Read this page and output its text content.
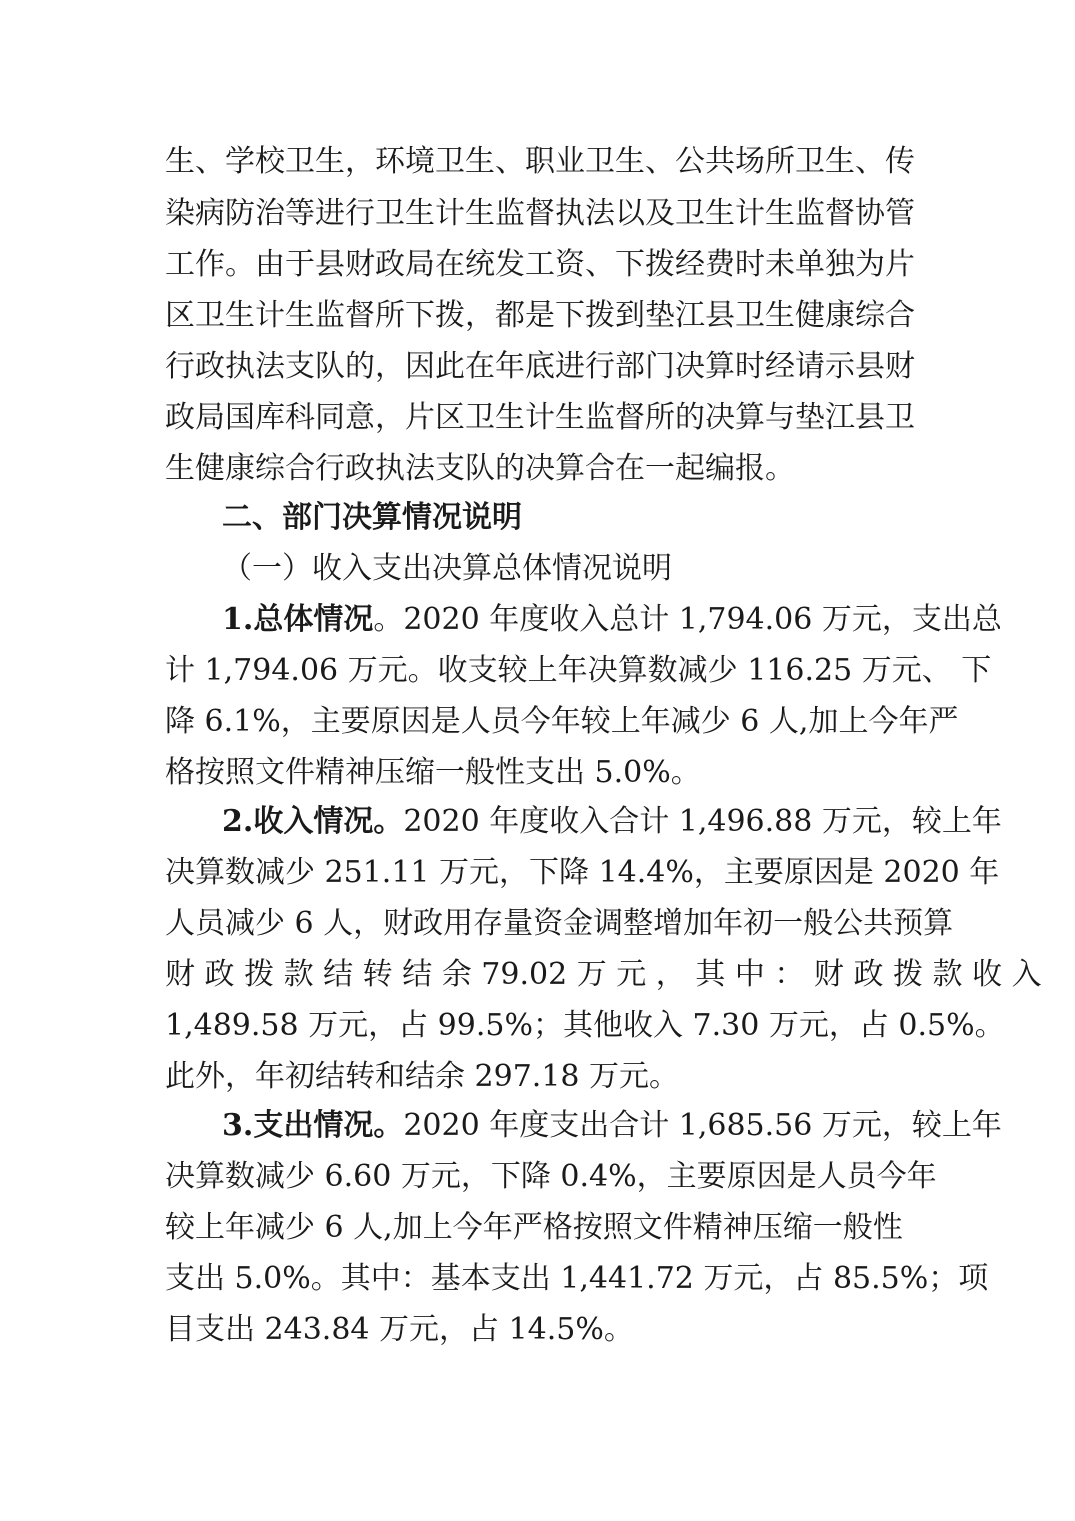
生、学校卫生，环境卫生、职业卫生、公共场所卫生、传
染病防治等进行卫生计生监督执法以及卫生计生监督协管
工作。由于县财政局在统发工资、下拨经费时未单独为片
区卫生计生监督所下拨，都是下拨到垫江县卫生健康综合
行政执法支队的，因此在年底进行部门决算时经请示县财
政局国库科同意，片区卫生计生监督所的决算与垫江县卫
生健康综合行政执法支队的决算合在一起编报。
二、部门决算情况说明
（一）收入支出决算总体情况说明
1.总体情况。2020 年度收入总计 1,794.06 万元，支出总
计 1,794.06 万元。收支较上年决算数减少 116.25 万元、 下
降 6.1%，主要原因是人员今年较上年减少 6 人,加上今年严
格按照文件精神压缩一般性支出 5.0%。
2.收入情况。2020 年度收入合计 1,496.88 万元，较上年
决算数减少 251.11 万元，下降 14.4%，主要原因是 2020 年
人员减少 6 人，财政用存量资金调整增加年初一般公共预算
财 政 拨 款 结 转 结 余 79.02 万 元 ， 其 中 ： 财 政 拨 款 收 入
1,489.58 万元，占 99.5%；其他收入 7.30 万元，占 0.5%。
此外，年初结转和结余 297.18 万元。
3.支出情况。2020 年度支出合计 1,685.56 万元，较上年
决算数减少 6.60 万元，下降 0.4%，主要原因是人员今年
较上年减少 6 人,加上今年严格按照文件精神压缩一般性
支出 5.0%。其中：基本支出 1,441.72 万元，占 85.5%；项
目支出 243.84 万元，占 14.5%。
